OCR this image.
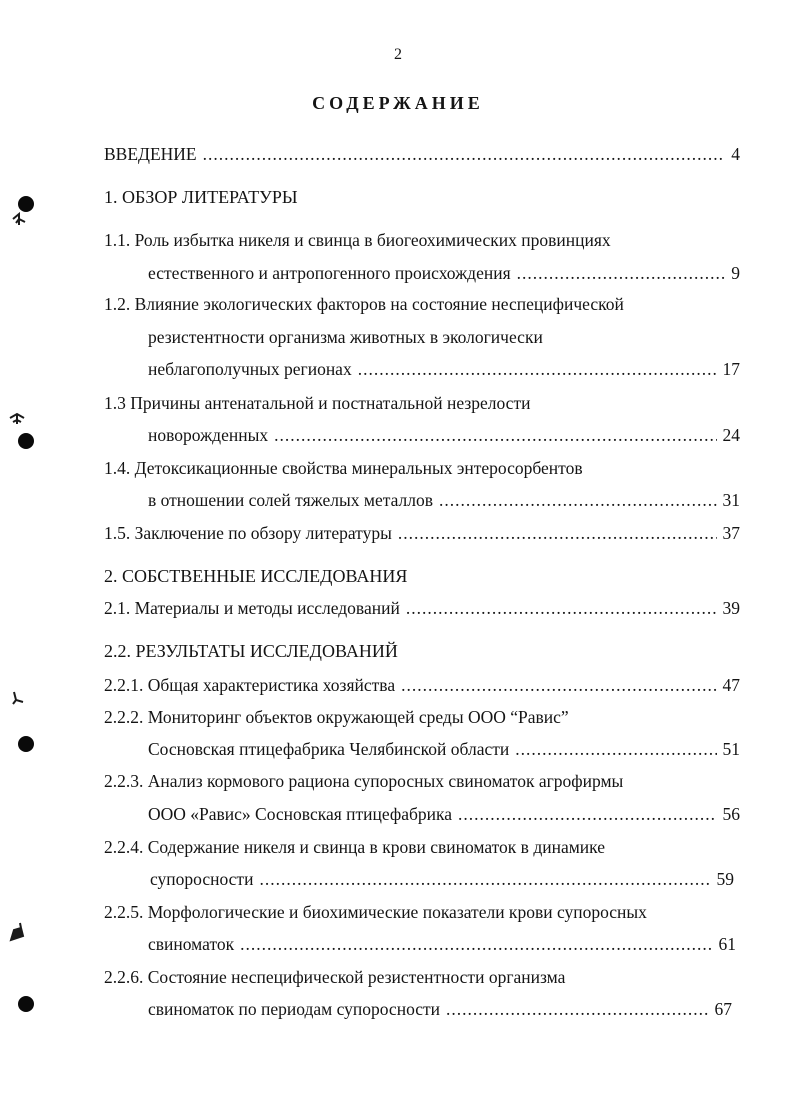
2
СОДЕРЖАНИЕ
ВВЕДЕНИЕ .....	4
1. ОБЗОР ЛИТЕРАТУРЫ
1.1. Роль избытка никеля и свинца в биогеохимических провинциях
естественного и антропогенного происхождения .....	9
1.2. Влияние экологических факторов на состояние неспецифической
резистентности организма животных в экологически
неблагополучных регионах .....	17
1.3 Причины антенатальной и постнатальной незрелости
новорожденных .....	24
1.4. Детоксикационные свойства минеральных энтеросорбентов
в отношении солей тяжелых металлов .....	31
1.5. Заключение по обзору литературы .....	37
2. СОБСТВЕННЫЕ ИССЛЕДОВАНИЯ
2.1. Материалы и методы исследований .....	39
2.2. РЕЗУЛЬТАТЫ ИССЛЕДОВАНИЙ
2.2.1. Общая характеристика хозяйства .....	47
2.2.2. Мониторинг объектов окружающей среды ООО “Равис”
Сосновская птицефабрика Челябинской области .....	51
2.2.3. Анализ кормового рациона супоросных свиноматок агрофирмы
ООО «Равис» Сосновская птицефабрика .....	56
2.2.4. Содержание никеля и свинца в крови свиноматок в динамике
супоросности .....	59
2.2.5. Морфологические и биохимические показатели крови супоросных
свиноматок .....	61
2.2.6. Состояние неспецифической резистентности организма
свиноматок по периодам супоросности .....	67
